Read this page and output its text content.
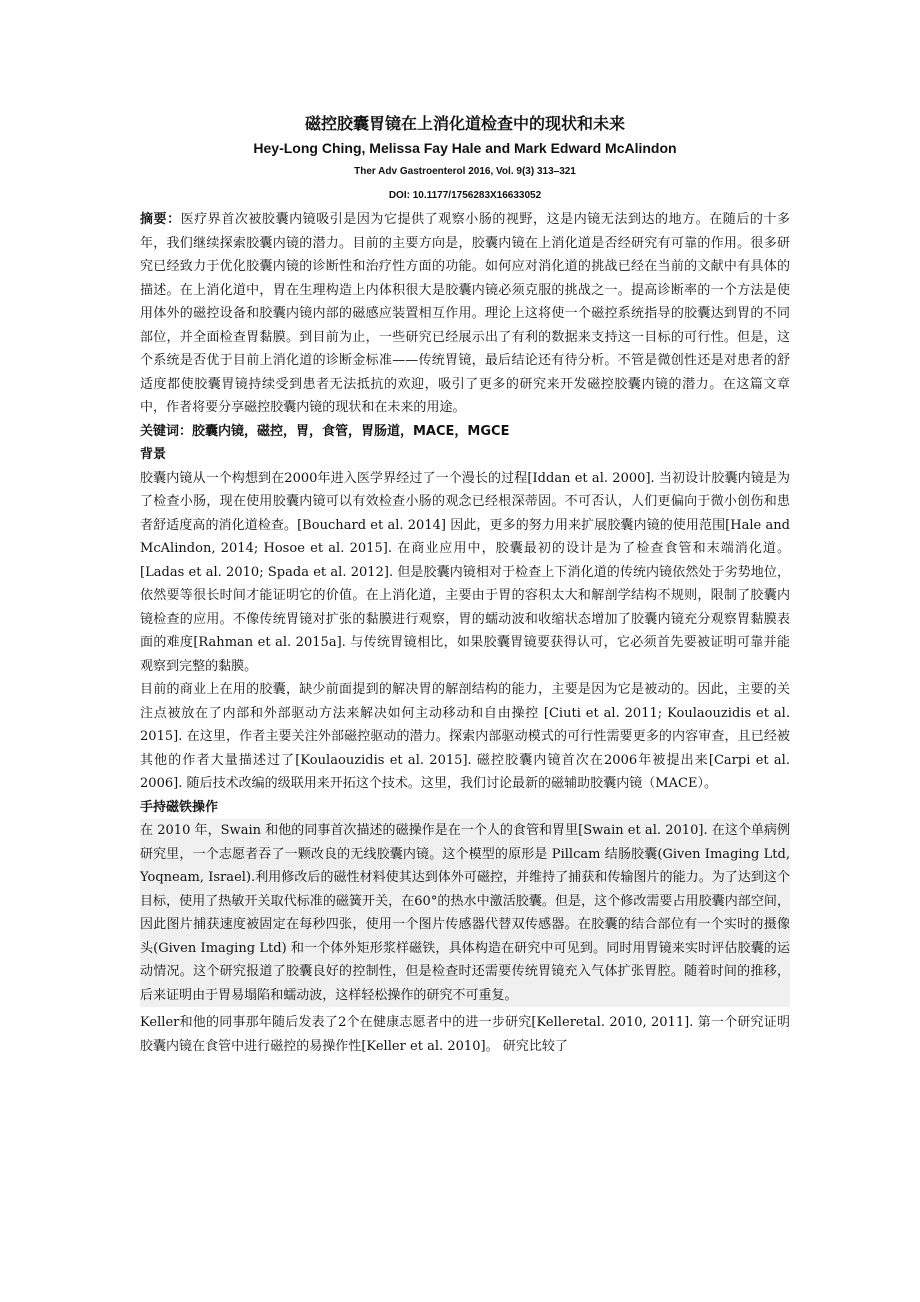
磁控胶囊胃镜在上消化道检查中的现状和未来
Hey-Long Ching, Melissa Fay Hale and Mark Edward McAlindon
Ther Adv Gastroenterol 2016, Vol. 9(3) 313–321
DOI: 10.1177/1756283X16633052

摘要：医疗界首次被胶囊内镜吸引是因为它提供了观察小肠的视野，这是内镜无法到达的地方。在随后的十多年，我们继续探索胶囊内镜的潜力。目前的主要方向是，胶囊内镜在上消化道是否经研究有可靠的作用。很多研究已经致力于优化胶囊内镜的诊断性和治疗性方面的功能。如何应对消化道的挑战已经在当前的文献中有具体的描述。在上消化道中，胃在生理构造上内体积很大是胶囊内镜必须克服的挑战之一。提高诊断率的一个方法是使用体外的磁控设备和胶囊内镜内部的磁感应装置相互作用。理论上这将使一个磁控系统指导的胶囊达到胃的不同部位，并全面检查胃黏膜。到目前为止，一些研究已经展示出了有利的数据来支持这一目标的可行性。但是，这个系统是否优于目前上消化道的诊断金标准——传统胃镜，最后结论还有待分析。不管是微创性还是对患者的舒适度都使胶囊胃镜持续受到患者无法抵抗的欢迎，吸引了更多的研究来开发磁控胶囊内镜的潜力。在这篇文章中，作者将要分享磁控胶囊内镜的现状和在未来的用途。

关键词：胶囊内镜，磁控，胃，食管，胃肠道，MACE，MGCE

背景

胶囊内镜从一个构想到在2000年进入医学界经过了一个漫长的过程[Iddan et al. 2000]. 当初设计胶囊内镜是为了检查小肠，现在使用胶囊内镜可以有效检查小肠的观念已经根深蒂固。不可否认，人们更偏向于微小创伤和患者舒适度高的消化道检查。[Bouchard et al. 2014] 因此，更多的努力用来扩展胶囊内镜的使用范围[Hale and McAlindon, 2014; Hosoe et al. 2015]. 在商业应用中，胶囊最初的设计是为了检查食管和末端消化道。[Ladas et al. 2010; Spada et al. 2012]. 但是胶囊内镜相对于检查上下消化道的传统内镜依然处于劣势地位，依然要等很长时间才能证明它的价值。在上消化道，主要由于胃的容积太大和解剖学结构不规则，限制了胶囊内镜检查的应用。不像传统胃镜对扩张的黏膜进行观察，胃的蠕动波和收缩状态增加了胶囊内镜充分观察胃黏膜表面的难度[Rahman et al. 2015a]. 与传统胃镜相比，如果胶囊胃镜要获得认可，它必须首先要被证明可靠并能观察到完整的黏膜。

目前的商业上在用的胶囊，缺少前面提到的解决胃的解剖结构的能力，主要是因为它是被动的。因此，主要的关注点被放在了内部和外部驱动方法来解决如何主动移动和自由操控 [Ciuti et al. 2011; Koulaouzidis et al. 2015]. 在这里，作者主要关注外部磁控驱动的潜力。探索内部驱动模式的可行性需要更多的内容审查，且已经被其他的作者大量描述过了[Koulaouzidis et al. 2015]. 磁控胶囊内镜首次在2006年被提出来[Carpi et al. 2006]. 随后技术改编的级联用来开拓这个技术。这里，我们讨论最新的磁辅助胶囊内镜（MACE）。

手持磁铁操作

在 2010 年，Swain 和他的同事首次描述的磁操作是在一个人的食管和胃里[Swain et al. 2010]. 在这个单病例研究里，一个志愿者吞了一颗改良的无线胶囊内镜。这个模型的原形是 Pillcam 结肠胶囊(Given Imaging Ltd, Yoqneam, Israel).利用修改后的磁性材料使其达到体外可磁控，并维持了捕获和传输图片的能力。为了达到这个目标，使用了热敏开关取代标准的磁簧开关，在60°的热水中激活胶囊。但是，这个修改需要占用胶囊内部空间，因此图片捕获速度被固定在每秒四张，使用一个图片传感器代替双传感器。在胶囊的结合部位有一个实时的摄像头(Given Imaging Ltd) 和一个体外矩形浆样磁铁，具体构造在研究中可见到。同时用胃镜来实时评估胶囊的运动情况。这个研究报道了胶囊良好的控制性，但是检查时还需要传统胃镜充入气体扩张胃腔。随着时间的推移，后来证明由于胃易塌陷和蠕动波，这样轻松操作的研究不可重复。

Keller和他的同事那年随后发表了2个在健康志愿者中的进一步研究[Kelleretal. 2010, 2011]. 第一个研究证明胶囊内镜在食管中进行磁控的易操作性[Keller et al. 2010]。 研究比较了
